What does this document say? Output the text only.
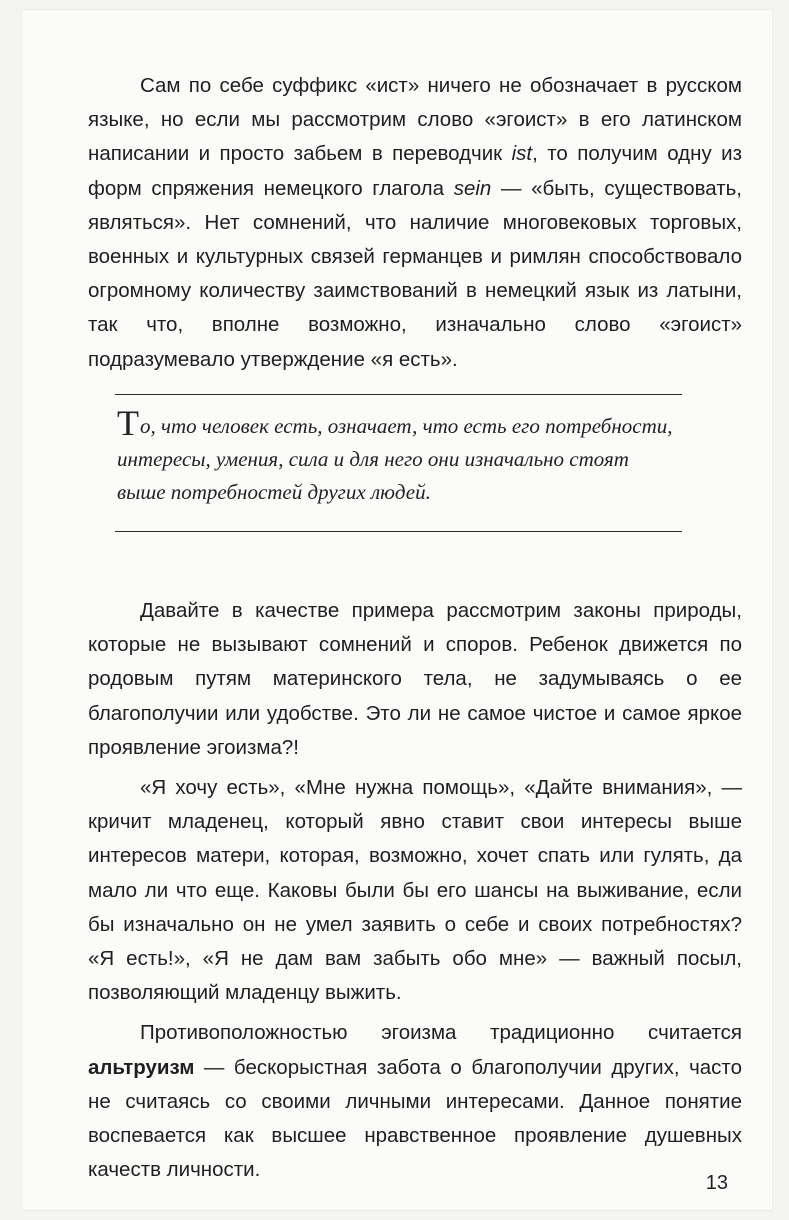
Сам по себе суффикс «ист» ничего не обозначает в русском языке, но если мы рассмотрим слово «эгоист» в его латинском написании и просто забьем в переводчик ist, то получим одну из форм спряжения немецкого глагола sein — «быть, существовать, являться». Нет сомнений, что наличие многовековых торговых, военных и культурных связей германцев и римлян способствовало огромному количеству заимствований в немецкий язык из латыни, так что, вполне возможно, изначально слово «эгоист» подразумевало утверждение «я есть».

То, что человек есть, означает, что есть его потребности, интересы, умения, сила и для него они изначально стоят выше потребностей других людей.

Давайте в качестве примера рассмотрим законы природы, которые не вызывают сомнений и споров. Ребенок движется по родовым путям материнского тела, не задумываясь о ее благополучии или удобстве. Это ли не самое чистое и самое яркое проявление эгоизма?!

«Я хочу есть», «Мне нужна помощь», «Дайте внимания», — кричит младенец, который явно ставит свои интересы выше интересов матери, которая, возможно, хочет спать или гулять, да мало ли что еще. Каковы были бы его шансы на выживание, если бы изначально он не умел заявить о себе и своих потребностях? «Я есть!», «Я не дам вам забыть обо мне» — важный посыл, позволяющий младенцу выжить.

Противоположностью эгоизма традиционно считается альтруизм — бескорыстная забота о благополучии других, часто не считаясь со своими личными интересами. Данное понятие воспевается как высшее нравственное проявление душевных качеств личности.

13
